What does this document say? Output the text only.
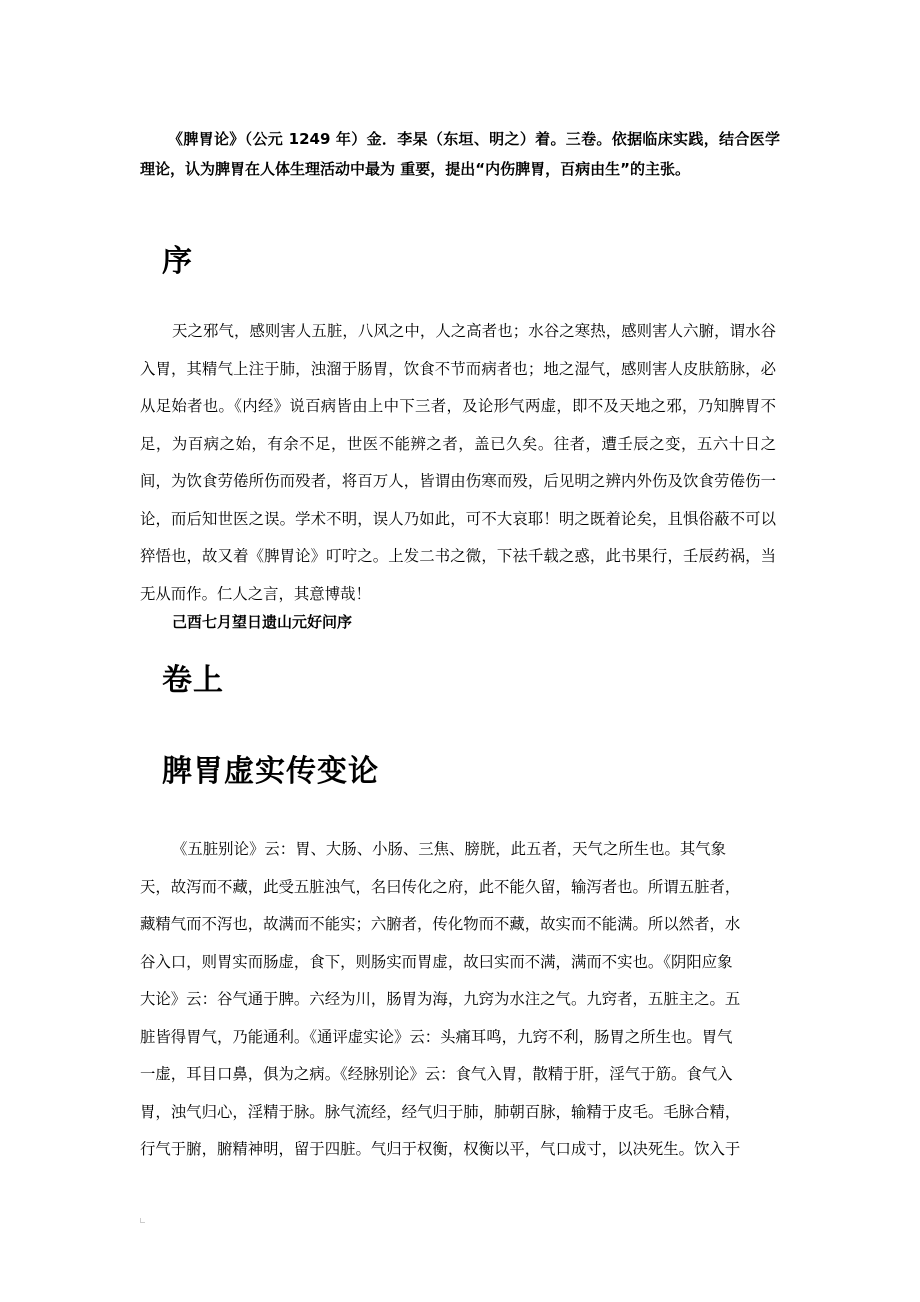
《脾胃论》（公元 1249 年）金．李杲（东垣、明之）着。三卷。依据临床实践，结合医学理论，认为脾胃在人体生理活动中最为 重要，提出“内伤脾胃，百病由生”的主张。

序

天之邪气，感则害人五脏，八风之中，人之高者也；水谷之寒热，感则害人六腑，谓水谷入胃，其精气上注于肺，浊溜于肠胃，饮食不节而病者也；地之湿气，感则害人皮肤筋脉，必从足始者也。《内经》说百病皆由上中下三者，及论形气两虚，即不及天地之邪，乃知脾胃不足，为百病之始，有余不足，世医不能辨之者，盖已久矣。往者，遭壬辰之变，五六十日之间，为饮食劳倦所伤而殁者，将百万人，皆谓由伤寒而殁，后见明之辨内外伤及饮食劳倦伤一论，而后知世医之误。学术不明，误人乃如此，可不大哀耶！明之既着论矣，且惧俗蔽不可以猝悟也，故又着《脾胃论》叮咛之。上发二书之微，下祛千载之惑，此书果行，壬辰药祸，当无从而作。仁人之言，其意博哉！

己酉七月望日遗山元好问序

卷上
脾胃虚实传变论

《五脏别论》云：胃、大肠、小肠、三焦、膀胱，此五者，天气之所生也。其气象
天，故泻而不藏，此受五脏浊气，名曰传化之府，此不能久留，输泻者也。所谓五脏者，
藏精气而不泻也，故满而不能实；六腑者，传化物而不藏，故实而不能满。所以然者，水
谷入口，则胃实而肠虚，食下，则肠实而胃虚，故曰实而不满，满而不实也。《阴阳应象
大论》云：谷气通于脾。六经为川，肠胃为海，九窍为水注之气。九窍者，五脏主之。五
脏皆得胃气，乃能通利。《通评虚实论》云：头痛耳鸣，九窍不利，肠胃之所生也。胃气
一虚，耳目口鼻，俱为之病。《经脉别论》云：食气入胃，散精于肝，淫气于筋。食气入
胃，浊气归心，淫精于脉。脉气流经，经气归于肺，肺朝百脉，输精于皮毛。毛脉合精，
行气于腑，腑精神明，留于四脏。气归于权衡，权衡以平，气口成寸，以决死生。饮入于
